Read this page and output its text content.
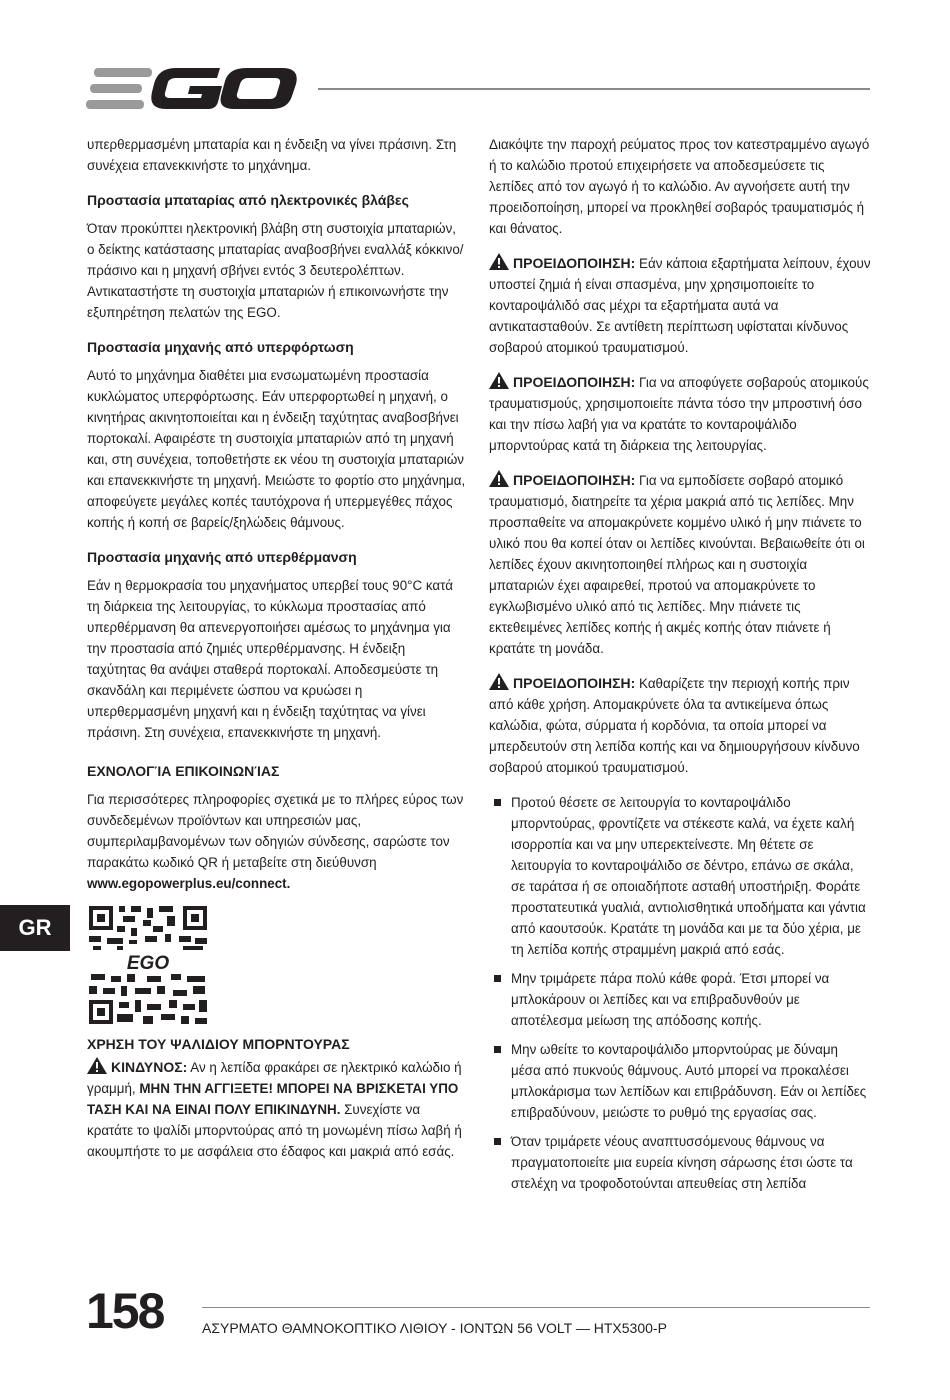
υπερθερμασμένη μπαταρία και η ένδειξη να γίνει πράσινη. Στη συνέχεια επανεκκινήστε το μηχάνημα.

Προστασία μπαταρίας από ηλεκτρονικές βλάβες

Όταν προκύπτει ηλεκτρονική βλάβη στη συστοιχία μπαταριών, ο δείκτης κατάστασης μπαταρίας αναβοσβήνει εναλλάξ κόκκινο/πράσινο και η μηχανή σβήνει εντός 3 δευτερολέπτων. Αντικαταστήστε τη συστοιχία μπαταριών ή επικοινωνήστε την εξυπηρέτηση πελατών της EGO.

Προστασία μηχανής από υπερφόρτωση

Αυτό το μηχάνημα διαθέτει μια ενσωματωμένη προστασία κυκλώματος υπερφόρτωσης. Εάν υπερφορτωθεί η μηχανή, ο κινητήρας ακινητοποιείται και η ένδειξη ταχύτητας αναβοσβήνει πορτοκαλί. Αφαιρέστε τη συστοιχία μπαταριών από τη μηχανή και, στη συνέχεια, τοποθετήστε εκ νέου τη συστοιχία μπαταριών και επανεκκινήστε τη μηχανή. Μειώστε το φορτίο στο μηχάνημα, αποφεύγετε μεγάλες κοπές ταυτόχρονα ή υπερμεγέθες πάχος κοπής ή κοπή σε βαρείς/ξηλώδεις θάμνους.

Προστασία μηχανής από υπερθέρμανση

Εάν η θερμοκρασία του μηχανήματος υπερβεί τους 90°C κατά τη διάρκεια της λειτουργίας, το κύκλωμα προστασίας από υπερθέρμανση θα απενεργοποιήσει αμέσως το μηχάνημα για την προστασία από ζημιές υπερθέρμανσης. Η ένδειξη ταχύτητας θα ανάψει σταθερά πορτοκαλί. Αποδεσμεύστε τη σκανδάλη και περιμένετε ώσπου να κρυώσει η υπερθερμασμένη μηχανή και η ένδειξη ταχύτητας να γίνει πράσινη. Στη συνέχεια, επανεκκινήστε τη μηχανή.

ΕΧΝΟΛΟΓΊΑ ΕΠΙΚΟΙΝΩΝΊΑΣ

Για περισσότερες πληροφορίες σχετικά με το πλήρες εύρος των συνδεδεμένων προϊόντων και υπηρεσιών μας, συμπεριλαμβανομένων των οδηγιών σύνδεσης, σαρώστε τον παρακάτω κωδικό QR ή μεταβείτε στη διεύθυνση www.egopowerplus.eu/connect.

EGO
ΧΡΗΣΗ ΤΟΥ ΨΑΛΙΔΙΟΥ ΜΠΟΡΝΤΟΥΡΑΣ

ΚΙΝΔΥΝΟΣ: Αν η λεπίδα φρακάρει σε ηλεκτρικό καλώδιο ή γραμμή, ΜΗΝ ΤΗΝ ΑΓΓΙΞΕΤΕ! ΜΠΟΡΕΙ ΝΑ ΒΡΙΣΚΕΤΑΙ ΥΠΟ ΤΑΣΗ ΚΑΙ ΝΑ ΕΙΝΑΙ ΠΟΛΥ ΕΠΙΚΙΝΔΥΝΗ. Συνεχίστε να κρατάτε το ψαλίδι μπορντούρας από τη μονωμένη πίσω λαβή ή ακουμπήστε το με ασφάλεια στο έδαφος και μακριά από εσάς.

Διακόψτε την παροχή ρεύματος προς τον κατεστραμμένο αγωγό ή το καλώδιο προτού επιχειρήσετε να αποδεσμεύσετε τις λεπίδες από τον αγωγό ή το καλώδιο. Αν αγνοήσετε αυτή την προειδοποίηση, μπορεί να προκληθεί σοβαρός τραυματισμός ή και θάνατος.

ΠΡΟΕΙΔΟΠΟΙΗΣΗ: Εάν κάποια εξαρτήματα λείπουν, έχουν υποστεί ζημιά ή είναι σπασμένα, μην χρησιμοποιείτε το κονταροψάλιδό σας μέχρι τα εξαρτήματα αυτά να αντικατασταθούν. Σε αντίθετη περίπτωση υφίσταται κίνδυνος σοβαρού ατομικού τραυματισμού.

ΠΡΟΕΙΔΟΠΟΙΗΣΗ: Για να αποφύγετε σοβαρούς ατομικούς τραυματισμούς, χρησιμοποιείτε πάντα τόσο την μπροστινή όσο και την πίσω λαβή για να κρατάτε το κονταροψάλιδο μπορντούρας κατά τη διάρκεια της λειτουργίας.

ΠΡΟΕΙΔΟΠΟΙΗΣΗ: Για να εμποδίσετε σοβαρό ατομικό τραυματισμό, διατηρείτε τα χέρια μακριά από τις λεπίδες. Μην προσπαθείτε να απομακρύνετε κομμένο υλικό ή μην πιάνετε το υλικό που θα κοπεί όταν οι λεπίδες κινούνται. Βεβαιωθείτε ότι οι λεπίδες έχουν ακινητοποιηθεί πλήρως και η συστοιχία μπαταριών έχει αφαιρεθεί, προτού να απομακρύνετε το εγκλωβισμένο υλικό από τις λεπίδες. Μην πιάνετε τις εκτεθειμένες λεπίδες κοπής ή ακμές κοπής όταν πιάνετε ή κρατάτε τη μονάδα.

ΠΡΟΕΙΔΟΠΟΙΗΣΗ: Καθαρίζετε την περιοχή κοπής πριν από κάθε χρήση. Απομακρύνετε όλα τα αντικείμενα όπως καλώδια, φώτα, σύρματα ή κορδόνια, τα οποία μπορεί να μπερδευτούν στη λεπίδα κοπής και να δημιουργήσουν κίνδυνο σοβαρού ατομικού τραυματισμού.

Προτού θέσετε σε λειτουργία το κονταροψάλιδο μπορντούρας, φροντίζετε να στέκεστε καλά, να έχετε καλή ισορροπία και να μην υπερεκτείνεστε. Μη θέτετε σε λειτουργία το κονταροψάλιδο σε δέντρο, επάνω σε σκάλα, σε ταράτσα ή σε οποιαδήποτε ασταθή υποστήριξη. Φοράτε προστατευτικά γυαλιά, αντιολισθητικά υποδήματα και γάντια από καουτσούκ. Κρατάτε τη μονάδα και με τα δύο χέρια, με τη λεπίδα κοπής στραμμένη μακριά από εσάς.
Μην τριμάρετε πάρα πολύ κάθε φορά. Έτσι μπορεί να μπλοκάρουν οι λεπίδες και να επιβραδυνθούν με αποτέλεσμα μείωση της απόδοσης κοπής.
Μην ωθείτε το κονταροψάλιδο μπορντούρας με δύναμη μέσα από πυκνούς θάμνους. Αυτό μπορεί να προκαλέσει μπλοκάρισμα των λεπίδων και επιβράδυνση. Εάν οι λεπίδες επιβραδύνουν, μειώστε το ρυθμό της εργασίας σας.
Όταν τριμάρετε νέους αναπτυσσόμενους θάμνους να πραγματοποιείτε μια ευρεία κίνηση σάρωσης έτσι ώστε τα στελέχη να τροφοδοτούνται απευθείας στη λεπίδα
GR
158	ΑΣΥΡΜΑΤΟ ΘΑΜΝΟΚΟΠΤΙΚΟ ΛΙΘΙΟΥ - ΙΟΝΤΩΝ 56 VOLT — HTX5300-P
